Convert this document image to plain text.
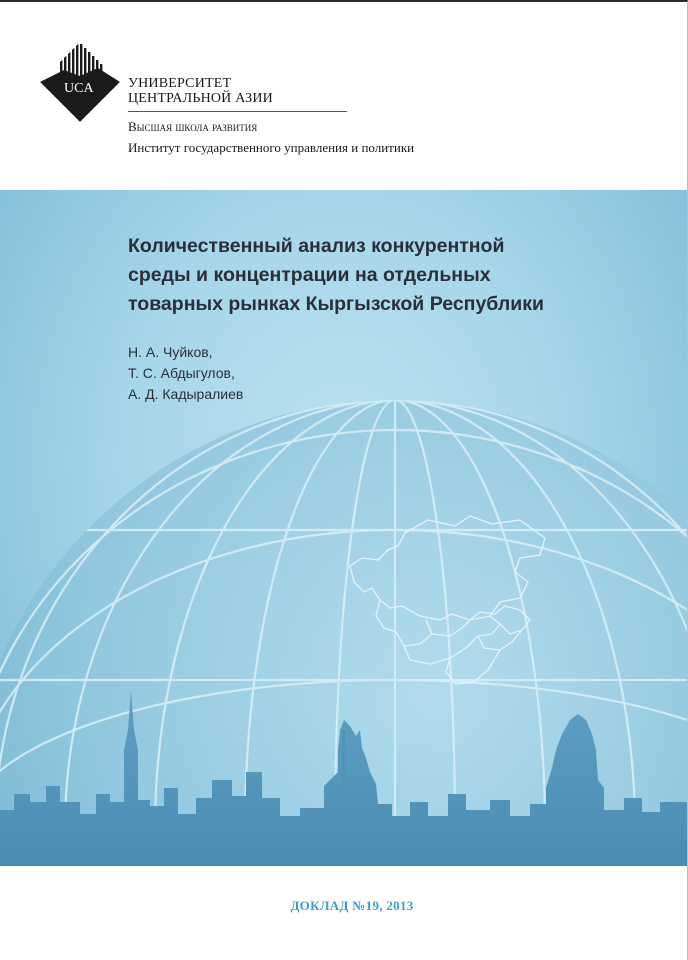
UCA УНИВЕРСИТЕТ
ЦЕНТРАЛЬНОЙ АЗИИ
Высшая школа развития
Институт государственного управления и политики
Количественный анализ конкурентной
среды и концентрации на отдельных
товарных рынках Кыргызской Республики
Н. А. Чуйков,
Т. С. Абдыгулов,
А. Д. Кадыралиев
ДОКЛАД №19, 2013
